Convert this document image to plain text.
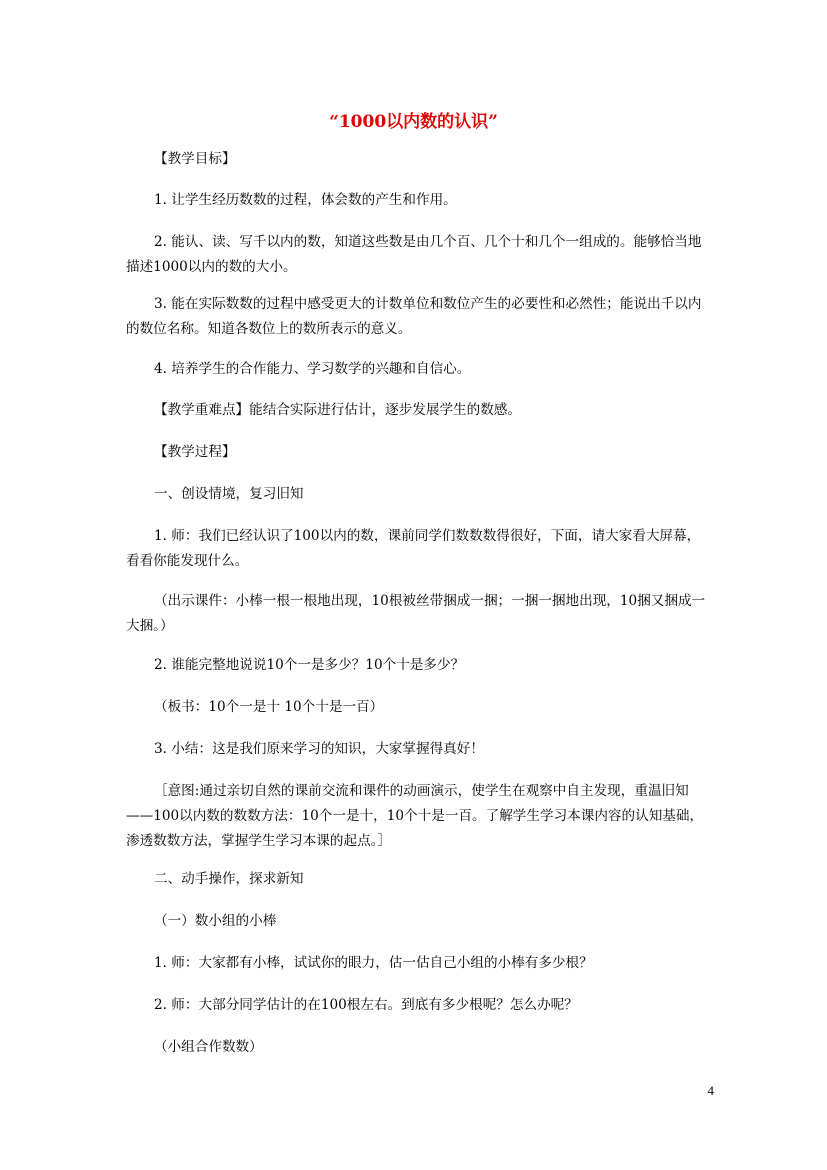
“1000以内数的认识”

【教学目标】

1. 让学生经历数数的过程，体会数的产生和作用。

2. 能认、读、写千以内的数，知道这些数是由几个百、几个十和几个一组成的。能够恰当地描述1000以内的数的大小。

3. 能在实际数数的过程中感受更大的计数单位和数位产生的必要性和必然性；能说出千以内的数位名称。知道各数位上的数所表示的意义。

4. 培养学生的合作能力、学习数学的兴趣和自信心。

【教学重难点】能结合实际进行估计，逐步发展学生的数感。

【教学过程】

一、创设情境，复习旧知

1. 师：我们已经认识了100以内的数，课前同学们数数数得很好，下面，请大家看大屏幕，看看你能发现什么。

（出示课件：小棒一根一根地出现，10根被丝带捆成一捆；一捆一捆地出现，10捆又捆成一大捆。）

2. 谁能完整地说说10个一是多少？10个十是多少？

（板书：10个一是十 10个十是一百）

3. 小结：这是我们原来学习的知识，大家掌握得真好！

［意图:通过亲切自然的课前交流和课件的动画演示，使学生在观察中自主发现，重温旧知——100以内数的数数方法：10个一是十，10个十是一百。了解学生学习本课内容的认知基础，渗透数数方法，掌握学生学习本课的起点。］

二、动手操作，探求新知

（一）数小组的小棒

1. 师：大家都有小棒，试试你的眼力，估一估自己小组的小棒有多少根？

2. 师：大部分同学估计的在100根左右。到底有多少根呢？怎么办呢？

（小组合作数数）

4
